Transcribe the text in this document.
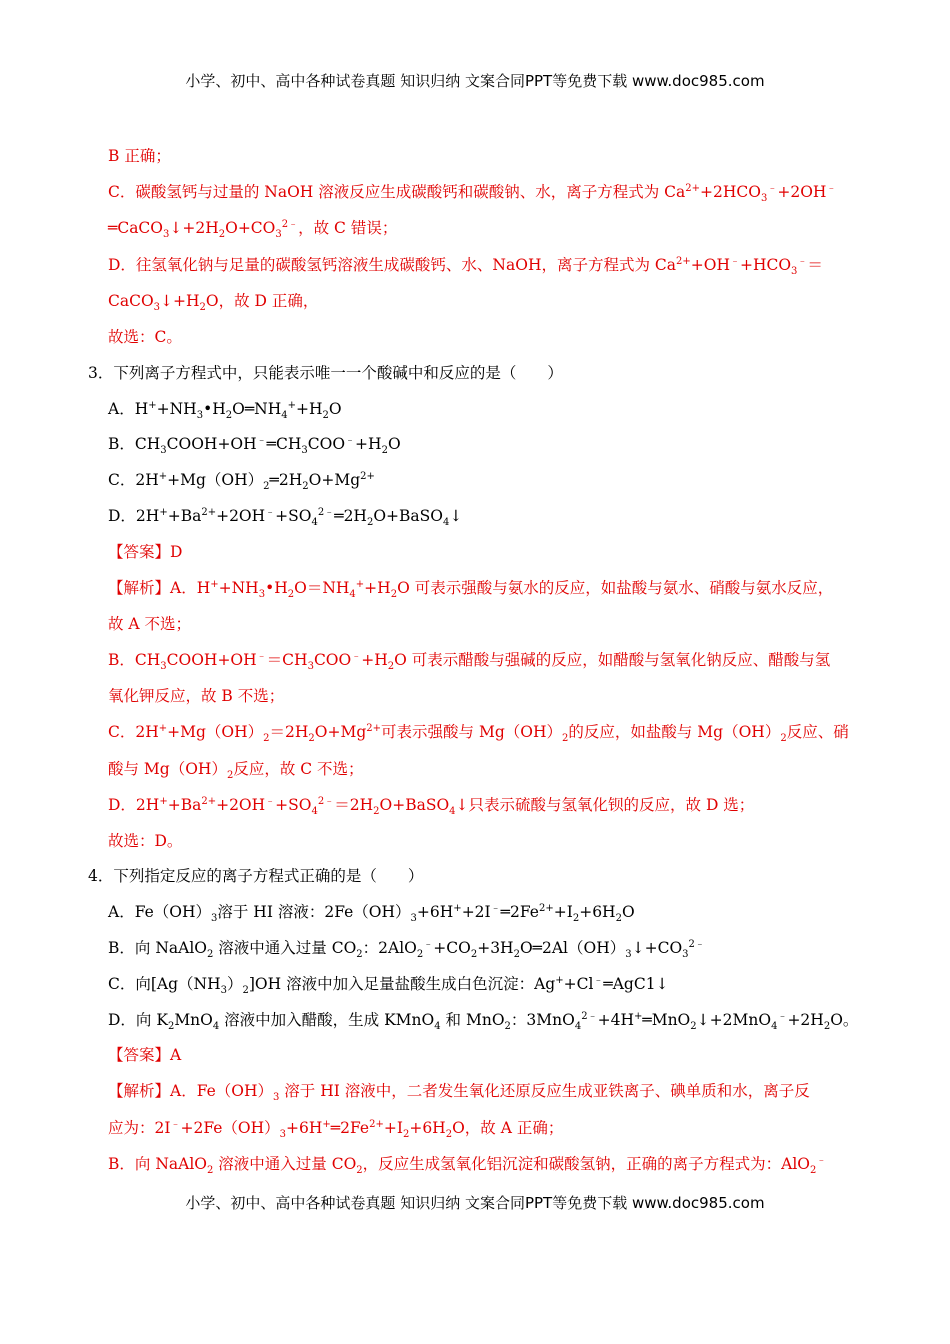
小学、初中、高中各种试卷真题 知识归纳 文案合同PPT等免费下载 www.doc985.com
B 正确；
C．碳酸氢钙与过量的 NaOH 溶液反应生成碳酸钙和碳酸钠、水，离子方程式为 $Ca^{2+}+2HCO_3^﹣+2OH^﹣$
$═CaCO_3↓+2H_2O+CO_3^{2﹣}$，故 C 错误；
D．往氢氧化钠与足量的碳酸氢钙溶液生成碳酸钙、水、NaOH，离子方程式为 $Ca^{2+}+OH^﹣+HCO_3^﹣=$
$CaCO_3↓+H_2O$，故 D 正确，
故选：C。
3．下列离子方程式中，只能表示唯一一个酸碱中和反应的是（　　）
A．$H^++NH_3•H_2O═NH_4^++H_2O$
B．$CH_3COOH+OH^﹣═CH_3COO^﹣+H_2O$
C．$2H^++Mg(OH)_2═2H_2O+Mg^{2+}$
D．$2H^++Ba^{2+}+2OH^﹣+SO_4^{2﹣}═2H_2O+BaSO_4↓$
【答案】D
【解析】A．$H^++NH_3•H_2O=NH_4^++H_2O$ 可表示强酸与氨水的反应，如盐酸与氨水、硝酸与氨水反应，
故 A 不选；
B．$CH_3COOH+OH^﹣=CH_3COO^﹣+H_2O$ 可表示醋酸与强碱的反应，如醋酸与氢氧化钠反应、醋酸与氢
氧化钾反应，故 B 不选；
C．$2H^++Mg(OH)_2=2H_2O+Mg^{2+}$可表示强酸与 $Mg(OH)_2$的反应，如盐酸与 $Mg(OH)_2$反应、硝
酸与 $Mg(OH)_2$反应，故 C 不选；
D．$2H^++Ba^{2+}+2OH^﹣+SO_4^{2﹣}=2H_2O+BaSO_4↓$只表示硫酸与氢氧化钡的反应，故 D 选；
故选：D。
4．下列指定反应的离子方程式正确的是（　　）
A．$Fe(OH)_3$溶于 HI 溶液：$2Fe(OH)_3+6H^++2I^﹣═2Fe^{2+}+I_2+6H_2O$
B．向 NaAlO$_2$ 溶液中通入过量 $CO_2$：$2AlO_2^﹣+CO_2+3H_2O═2Al(OH)_3↓+CO_3^{2﹣}$
C．向$[Ag(NH_3)_2]OH$ 溶液中加入足量盐酸生成白色沉淀：Ag++Cl﹣═AgC1↓
D．向 $K_2MnO_4$ 溶液中加入醋酸，生成 KMnO$_4$ 和 MnO$_2$：$3MnO_4^{2﹣}+4H^+═MnO_2↓+2MnO_4^﹣+2H_2O$。
【答案】A
【解析】A．$Fe(OH)_3$ 溶于 HI 溶液中，二者发生氧化还原反应生成亚铁离子、碘单质和水，离子反
应为：$2I^﹣+2Fe(OH)_3+6H^+═2Fe^{2+}+I_2+6H_2O$，故 A 正确；
B．向 NaAlO$_2$ 溶液中通入过量 $CO_2$，反应生成氢氧化铝沉淀和碳酸氢钠，正确的离子方程式为：AlO$_2$﹣
小学、初中、高中各种试卷真题 知识归纳 文案合同PPT等免费下载 www.doc985.com
